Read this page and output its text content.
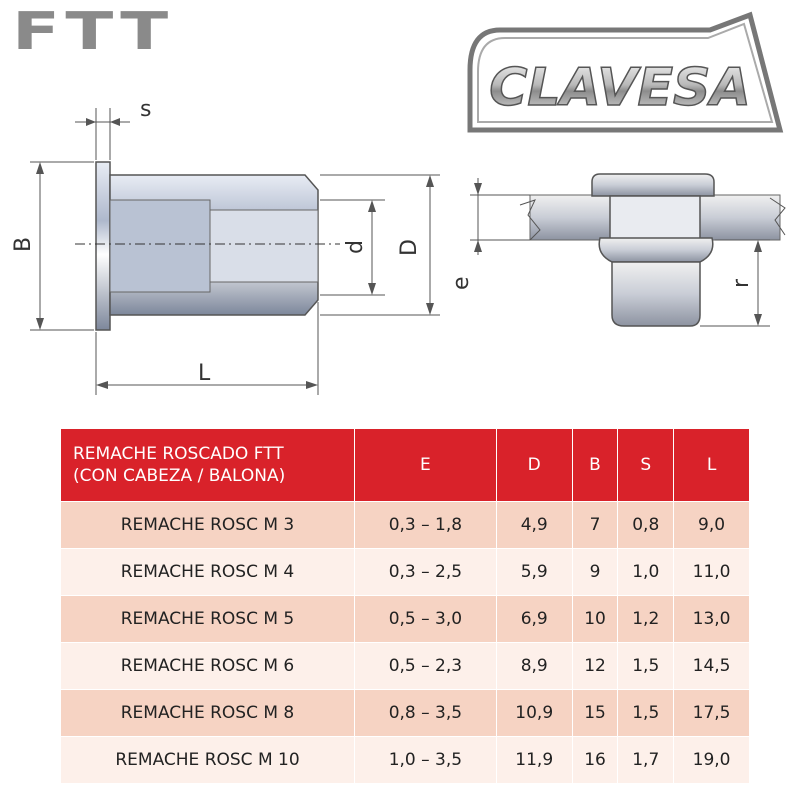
FTT
CLAVESA
s
B	d D
L
e	r
REMACHE ROSCADO FTT
(CON CABEZA / BALONA)	E	D	B	S	L
REMACHE ROSC M 3	0,3 – 1,8	4,9	7	0,8	9,0
REMACHE ROSC M 4	0,3 – 2,5	5,9	9	1,0	11,0
REMACHE ROSC M 5	0,5 – 3,0	6,9	10	1,2	13,0
REMACHE ROSC M 6	0,5 – 2,3	8,9	12	1,5	14,5
REMACHE ROSC M 8	0,8 – 3,5	10,9	15	1,5	17,5
REMACHE ROSC M 10	1,0 – 3,5	11,9	16	1,7	19,0
